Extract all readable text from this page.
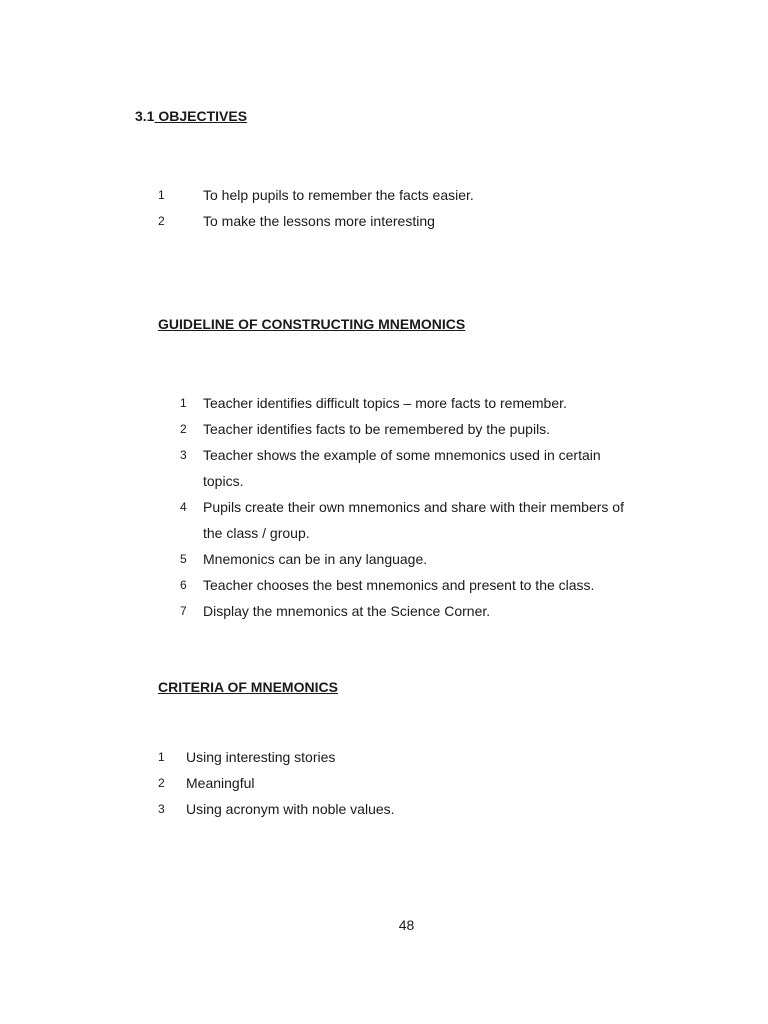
3.1 OBJECTIVES
1	To help pupils to remember the facts easier.
2	To make the lessons more interesting
GUIDELINE OF CONSTRUCTING MNEMONICS
1	Teacher identifies difficult topics – more facts to remember.
2	Teacher identifies facts to be remembered by the pupils.
3	Teacher shows the example of some mnemonics used in certain
topics.
4	Pupils create their own mnemonics and share with their members of
the class / group.
5	Mnemonics can be in any language.
6	Teacher chooses the best mnemonics and present to the class.
7	Display the mnemonics at the Science Corner.
CRITERIA OF MNEMONICS
1	Using interesting stories
2	Meaningful
3	Using acronym with noble values.
48
